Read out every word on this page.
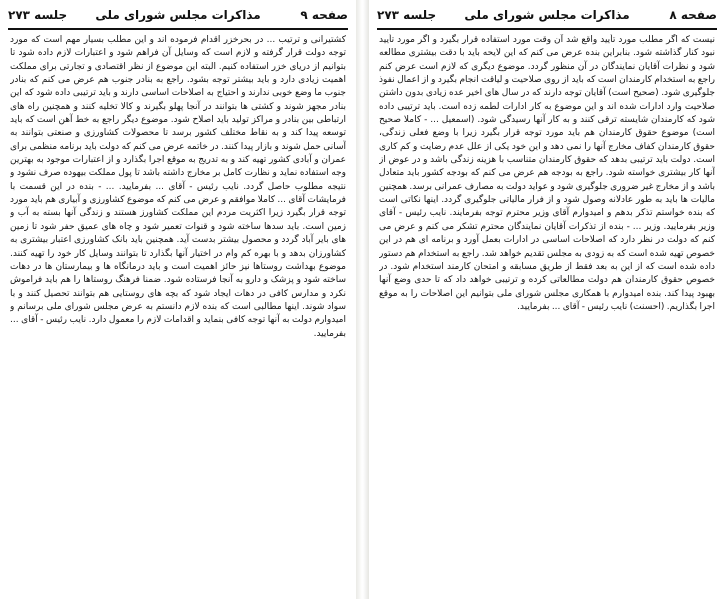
صفحه ۹
مذاکرات مجلس شورای ملی
جلسه ۲۷۳

کشتیرانی و ترتیب ... در بحرخزر اقدام فرموده اند و این مطلب بسیار مهم است که مورد توجه دولت قرار گرفته و لازم است که وسایل آن فراهم شود و اعتبارات لازم داده شود تا بتوانیم از دریای خزر استفاده کنیم. البته این موضوع از نظر اقتصادی و تجارتی برای مملکت اهمیت زیادی دارد و باید بیشتر توجه بشود. راجع به بنادر جنوب هم عرض می کنم که بنادر جنوب ما وضع خوبی ندارند و احتیاج به اصلاحات اساسی دارند و باید ترتیبی داده شود که این بنادر مجهز شوند و کشتی ها بتوانند در آنجا پهلو بگیرند و کالا تخلیه کنند و همچنین راه های ارتباطی بین بنادر و مراکز تولید باید اصلاح شود. موضوع دیگر راجع به خط آهن است که باید توسعه پیدا کند و به نقاط مختلف کشور برسد تا محصولات کشاورزی و صنعتی بتوانند به آسانی حمل شوند و بازار پیدا کنند. در خاتمه عرض می کنم که دولت باید برنامه منظمی برای عمران و آبادی کشور تهیه کند و به تدریج به موقع اجرا بگذارد و از اعتبارات موجود به بهترین وجه استفاده نماید و نظارت کامل بر مخارج داشته باشد تا پول مملکت بیهوده صرف نشود و نتیجه مطلوب حاصل گردد. نایب رئیس - آقای ... بفرمایید. ... - بنده در این قسمت با فرمایشات آقای ... کاملا موافقم و عرض می کنم که موضوع کشاورزی و آبیاری هم باید مورد توجه قرار بگیرد زیرا اکثریت مردم این مملکت کشاورز هستند و زندگی آنها بسته به آب و زمین است. باید سدها ساخته شود و قنوات تعمیر شود و چاه های عمیق حفر شود تا زمین های بایر آباد گردد و محصول بیشتر بدست آید. همچنین باید بانک کشاورزی اعتبار بیشتری به کشاورزان بدهد و با بهره کم وام در اختیار آنها بگذارد تا بتوانند وسایل کار خود را تهیه کنند. موضوع بهداشت روستاها نیز حائز اهمیت است و باید درمانگاه ها و بیمارستان ها در دهات ساخته شود و پزشک و دارو به آنجا فرستاده شود. ضمنا فرهنگ روستاها را هم باید فراموش نکرد و مدارس کافی در دهات ایجاد شود که بچه های روستایی هم بتوانند تحصیل کنند و با سواد شوند. اینها مطالبی است که بنده لازم دانستم به عرض مجلس شورای ملی برسانم و امیدوارم دولت به آنها توجه کافی بنماید و اقدامات لازم را معمول دارد. نایب رئیس - آقای ... بفرمایید.

صفحه ۸
مذاکرات مجلس شورای ملی
جلسه ۲۷۳

نیست که اگر مطلب مورد تأیید واقع شد آن وقت مورد استفاده قرار بگیرد و اگر مورد تأیید نبود کنار گذاشته شود. بنابراین بنده عرض می کنم که این لایحه باید با دقت بیشتری مطالعه شود و نظرات آقایان نمایندگان در آن منظور گردد. موضوع دیگری که لازم است عرض کنم راجع به استخدام کارمندان است که باید از روی صلاحیت و لیاقت انجام بگیرد و از اعمال نفوذ جلوگیری شود. (صحیح است) آقایان توجه دارند که در سال های اخیر عده زیادی بدون داشتن صلاحیت وارد ادارات شده اند و این موضوع به کار ادارات لطمه زده است. باید ترتیبی داده شود که کارمندان شایسته ترقی کنند و به کار آنها رسیدگی شود. (اسمعیل ... - کاملا صحیح است) موضوع حقوق کارمندان هم باید مورد توجه قرار بگیرد زیرا با وضع فعلی زندگی، حقوق کارمندان کفاف مخارج آنها را نمی دهد و این خود یکی از علل عدم رضایت و کم کاری است. دولت باید ترتیبی بدهد که حقوق کارمندان متناسب با هزینه زندگی باشد و در عوض از آنها کار بیشتری خواسته شود. راجع به بودجه هم عرض می کنم که بودجه کشور باید متعادل باشد و از مخارج غیر ضروری جلوگیری شود و عواید دولت به مصارف عمرانی برسد. همچنین مالیات ها باید به طور عادلانه وصول شود و از فرار مالیاتی جلوگیری گردد. اینها نکاتی است که بنده خواستم تذکر بدهم و امیدوارم آقای وزیر محترم توجه بفرمایند. نایب رئیس - آقای وزیر بفرمایید. وزیر ... - بنده از تذکرات آقایان نمایندگان محترم تشکر می کنم و عرض می کنم که دولت در نظر دارد که اصلاحات اساسی در ادارات بعمل آورد و برنامه ای هم در این خصوص تهیه شده است که به زودی به مجلس تقدیم خواهد شد. راجع به استخدام هم دستور داده شده است که از این به بعد فقط از طریق مسابقه و امتحان کارمند استخدام شود. در خصوص حقوق کارمندان هم دولت مطالعاتی کرده و ترتیبی خواهد داد که تا حدی وضع آنها بهبود پیدا کند. بنده امیدوارم با همکاری مجلس شورای ملی بتوانیم این اصلاحات را به موقع اجرا بگذاریم. (احسنت) نایب رئیس - آقای ... بفرمایید.
